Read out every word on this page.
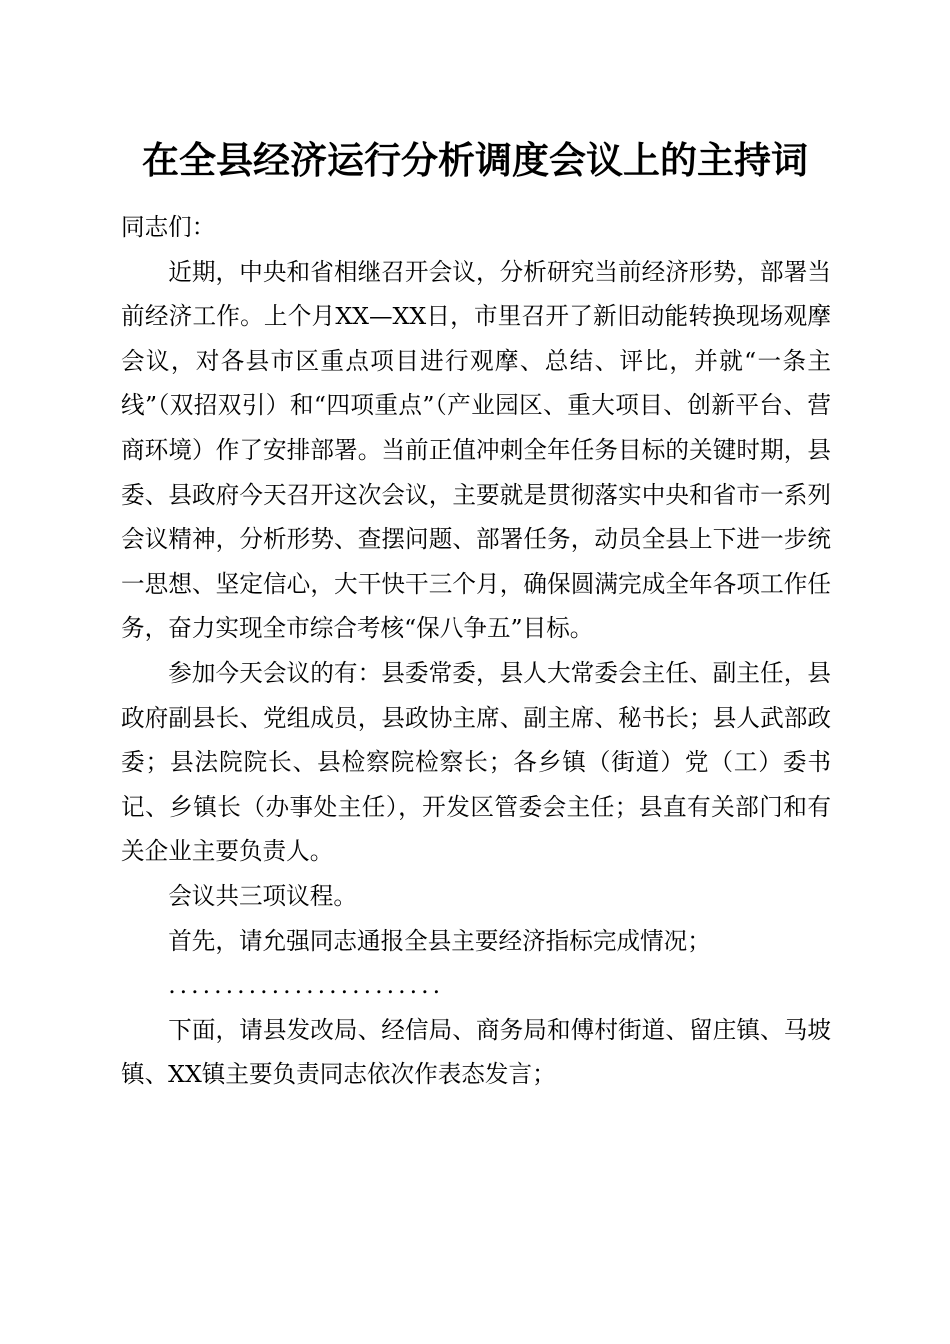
在全县经济运行分析调度会议上的主持词

同志们：

近期，中央和省相继召开会议，分析研究当前经济形势，部署当前经济工作。上个月XX—XX日，市里召开了新旧动能转换现场观摩会议，对各县市区重点项目进行观摩、总结、评比，并就“一条主线”（双招双引）和“四项重点”（产业园区、重大项目、创新平台、营商环境）作了安排部署。当前正值冲刺全年任务目标的关键时期，县委、县政府今天召开这次会议，主要就是贯彻落实中央和省市一系列会议精神，分析形势、查摆问题、部署任务，动员全县上下进一步统一思想、坚定信心，大干快干三个月，确保圆满完成全年各项工作任务，奋力实现全市综合考核“保八争五”目标。

参加今天会议的有：县委常委，县人大常委会主任、副主任，县政府副县长、党组成员，县政协主席、副主席、秘书长；县人武部政委；县法院院长、县检察院检察长；各乡镇（街道）党（工）委书记、乡镇长（办事处主任），开发区管委会主任；县直有关部门和有关企业主要负责人。

会议共三项议程。

首先，请允强同志通报全县主要经济指标完成情况；

........................

下面，请县发改局、经信局、商务局和傅村街道、留庄镇、马坡镇、XX镇主要负责同志依次作表态发言；
